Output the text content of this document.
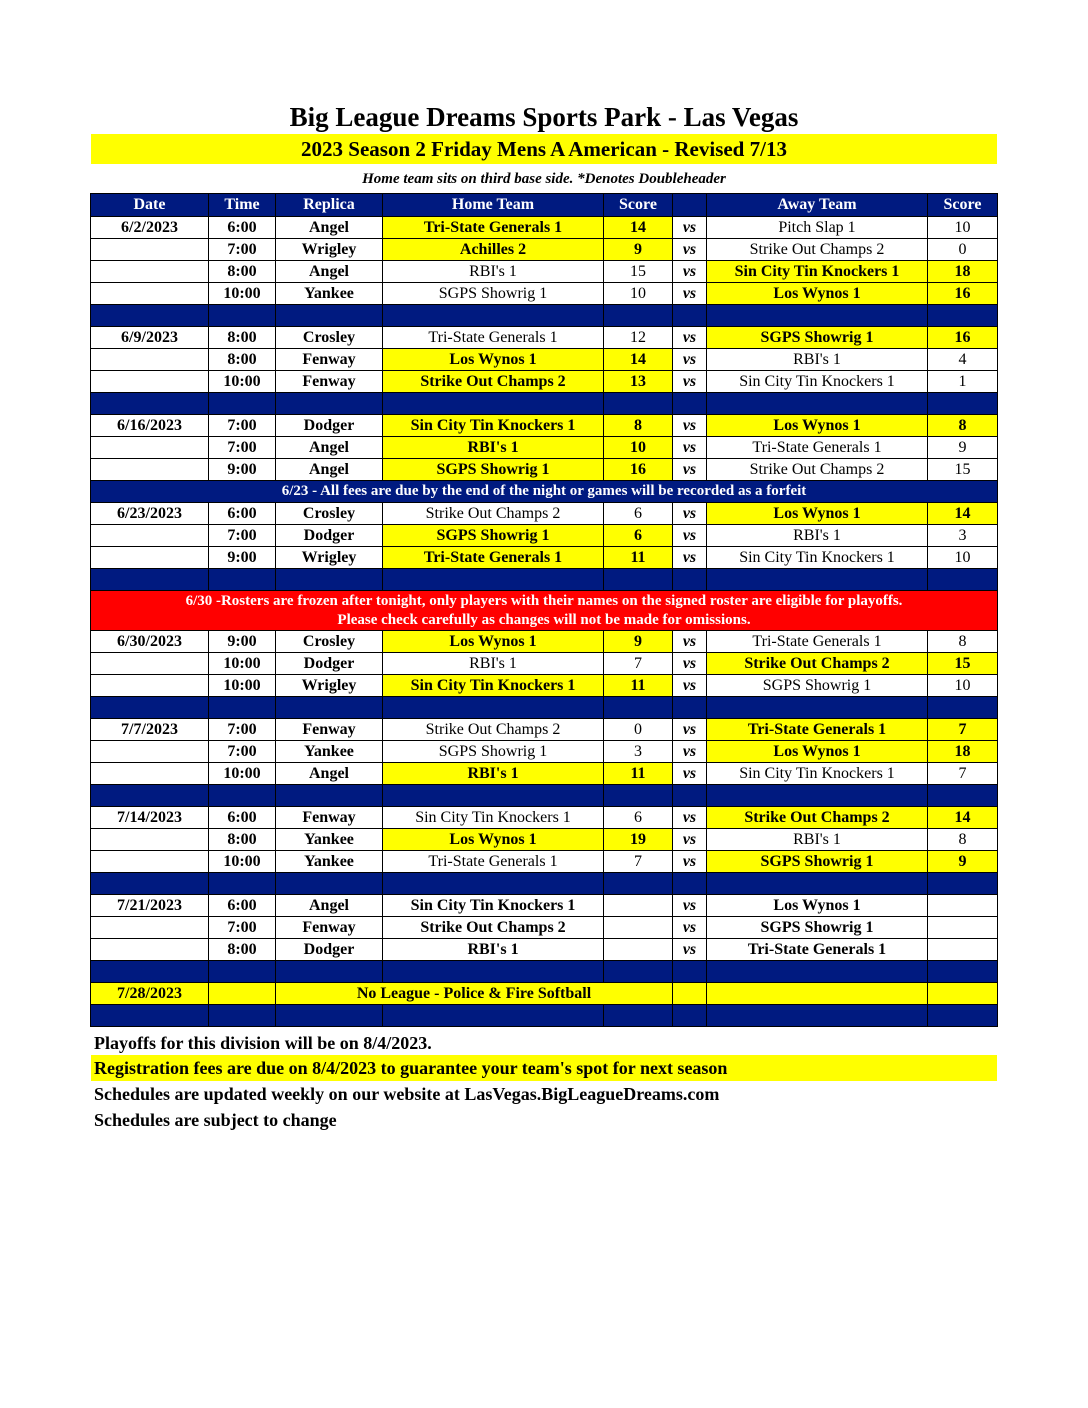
Big League Dreams Sports Park - Las Vegas
2023 Season 2 Friday Mens A American - Revised 7/13
Home team sits on third base side. *Denotes Doubleheader
Date	Time	Replica	Home Team	Score		Away Team	Score
6/2/2023	6:00	Angel	Tri-State Generals 1	14	vs	Pitch Slap 1	10
	7:00	Wrigley	Achilles 2	9	vs	Strike Out Champs 2	0
	8:00	Angel	RBI's 1	15	vs	Sin City Tin Knockers 1	18
	10:00	Yankee	SGPS Showrig 1	10	vs	Los Wynos 1	16

6/9/2023	8:00	Crosley	Tri-State Generals 1	12	vs	SGPS Showrig 1	16
	8:00	Fenway	Los Wynos 1	14	vs	RBI's 1	4
	10:00	Fenway	Strike Out Champs 2	13	vs	Sin City Tin Knockers 1	1

6/16/2023	7:00	Dodger	Sin City Tin Knockers 1	8	vs	Los Wynos 1	8
	7:00	Angel	RBI's 1	10	vs	Tri-State Generals 1	9
	9:00	Angel	SGPS Showrig 1	16	vs	Strike Out Champs 2	15
6/23 - All fees are due by the end of the night or games will be recorded as a forfeit							
6/23/2023	6:00	Crosley	Strike Out Champs 2	6	vs	Los Wynos 1	14
	7:00	Dodger	SGPS Showrig 1	6	vs	RBI's 1	3
	9:00	Wrigley	Tri-State Generals 1	11	vs	Sin City Tin Knockers 1	10

6/30 -Rosters are frozen after tonight, only players with their names on the signed roster are eligible for playoffs.
Please check carefully as changes will not be made for omissions.							

6/30/2023	9:00	Crosley	Los Wynos 1	9	vs	Tri-State Generals 1	8
	10:00	Dodger	RBI's 1	7	vs	Strike Out Champs 2	15
	10:00	Wrigley	Sin City Tin Knockers 1	11	vs	SGPS Showrig 1	10

7/7/2023	7:00	Fenway	Strike Out Champs 2	0	vs	Tri-State Generals 1	7
	7:00	Yankee	SGPS Showrig 1	3	vs	Los Wynos 1	18
	10:00	Angel	RBI's 1	11	vs	Sin City Tin Knockers 1	7

7/14/2023	6:00	Fenway	Sin City Tin Knockers 1	6	vs	Strike Out Champs 2	14
	8:00	Yankee	Los Wynos 1	19	vs	RBI's 1	8
	10:00	Yankee	Tri-State Generals 1	7	vs	SGPS Showrig 1	9

7/21/2023	6:00	Angel	Sin City Tin Knockers 1		vs	Los Wynos 1	
	7:00	Fenway	Strike Out Champs 2		vs	SGPS Showrig 1	
	8:00	Dodger	RBI's 1		vs	Tri-State Generals 1	

7/28/2023		No League - Police & Fire Softball					

Playoffs for this division will be on 8/4/2023.
Registration fees are due on 8/4/2023 to guarantee your team's spot for next season
Schedules are updated weekly on our website at LasVegas.BigLeagueDreams.com
Schedules are subject to change
